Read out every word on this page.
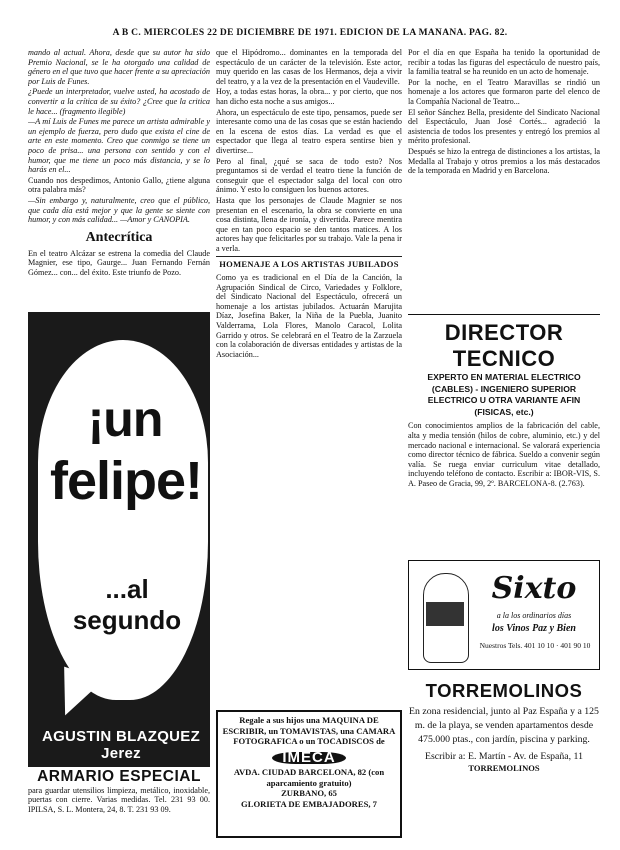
A B C. MIERCOLES 22 DE DICIEMBRE DE 1971. EDICION DE LA MAÑANA. PAG. 82.

mando al actual. Ahora, desde que su autor ha sido Premio Nacional, se le ha otorgado una calidad de género en el que tuvo que hacer frente a su apreciación por Luis de Funes.

¿Puede un interpretador, vuelve usted, ha acostado de convertir a la crítica de su éxito? ¿Cree que la critica le hace... (fragmento ilegible)

—A mí Luis de Funes me parece un artista admirable y un ejemplo de fuerza, pero dudo que exista el cine de arte en este momento. Creo que conmigo se tiene un poco de prisa... una persona con sentido y con el humor, que me tiene un poco más distancia, y se lo harás en el...

Cuando nos despedimos, Antonio Gallo, ¿tiene alguna otra palabra más?

—Sin embargo y, naturalmente, creo que el público, que cada día está mejor y que la gente se siente con humor, y con más calidad... —Amor y CANOPIA.

Antecrítica

En el teatro Alcázar se estrena la comedia del Claude Magnier, ese tipo, Gaurge... Juan Fernando Fernán Gómez... con... del éxito. Este triunfo de Pozo.

¡un
felipe!
...al segundo
AGUSTIN BLAZQUEZ Jerez
ARMARIO ESPECIAL
para guardar utensilios limpieza, metálico, inoxidable, puertas con cierre. Varias medidas. Tel. 231 93 00. IPILSA, S. L. Montera, 24, 8. T. 231 93 09.

que el Hipódromo... dominantes en la temporada del espectáculo de un carácter de la televisión. Este actor, muy querido en las casas de los Hermanos, deja a vivir del teatro, y a la vez de la presentación en el Vaudeville.

Hoy, a todas estas horas, la obra... y por cierto, que nos han dicho esta noche a sus amigos...

Ahora, un espectáculo de este tipo, pensamos, puede ser interesante como una de las cosas que se están haciendo en la escena de estos días. La verdad es que el espectador que llega al teatro espera sentirse bien y divertirse...

Pero al final, ¿qué se saca de todo esto? Nos preguntamos si de verdad el teatro tiene la función de conseguir que el espectador salga del local con otro ánimo. Y esto lo consiguen los buenos actores.

Hasta que los personajes de Claude Magnier se nos presentan en el escenario, la obra se convierte en una cosa distinta, llena de ironía, y divertida. Parece mentira que en tan poco espacio se den tantos matices. A los actores hay que felicitarles por su trabajo. Vale la pena ir a verla.

HOMENAJE A LOS ARTISTAS JUBILADOS

Como ya es tradicional en el Día de la Canción, la Agrupación Sindical de Circo, Variedades y Folklore, del Sindicato Nacional del Espectáculo, ofrecerá un homenaje a los artistas jubilados. Actuarán Marujita Díaz, Josefina Baker, la Niña de la Puebla, Juanito Valderrama, Lola Flores, Manolo Caracol, Lolita Garrido y otros. Se celebrará en el Teatro de la Zarzuela con la colaboración de diversas entidades y artistas de la Asociación...

Regale a sus hijos una MAQUINA DE ESCRIBIR, un TOMAVISTAS, una CAMARA FOTOGRAFICA o un TOCADISCOS de
IMECA
AVDA. CIUDAD BARCELONA, 82 (con aparcamiento gratuito)
ZURBANO, 65
GLORIETA DE EMBAJADORES, 7

Por el día en que España ha tenido la oportunidad de recibir a todas las figuras del espectáculo de nuestro país, la familia teatral se ha reunido en un acto de homenaje.

Por la noche, en el Teatro Maravillas se rindió un homenaje a los actores que formaron parte del elenco de la Compañía Nacional de Teatro...

El señor Sánchez Bella, presidente del Sindicato Nacional del Espectáculo, Juan José Cortés... agradeció la asistencia de todos los presentes y entregó los premios al mérito profesional.

Después se hizo la entrega de distinciones a los artistas, la Medalla al Trabajo y otros premios a los más destacados de la temporada en Madrid y en Barcelona.

DIRECTOR TECNICO
EXPERTO EN MATERIAL ELECTRICO (CABLES) - INGENIERO SUPERIOR ELECTRICO U OTRA VARIANTE AFIN (FISICAS, etc.)
Con conocimientos amplios de la fabricación del cable, alta y media tensión (hilos de cobre, aluminio, etc.) y del mercado nacional e internacional. Se valorará experiencia como director técnico de fábrica. Sueldo a convenir según valía. Se ruega enviar curriculum vitae detallado, incluyendo teléfono de contacto. Escribir a: IBOR-VIS, S. A. Paseo de Gracia, 99, 2º. BARCELONA-8. (2.763).
Sixto
a la los ordinarios días
los Vinos Paz y Bien
Nuestros Tels. 401 10 10 · 401 90 10
TORREMOLINOS
En zona residencial, junto al Paz España y a 125 m. de la playa, se venden apartamentos desde 475.000 ptas., con jardín, piscina y parking.
Escribir a: E. Martín - Av. de España, 11
TORREMOLINOS
